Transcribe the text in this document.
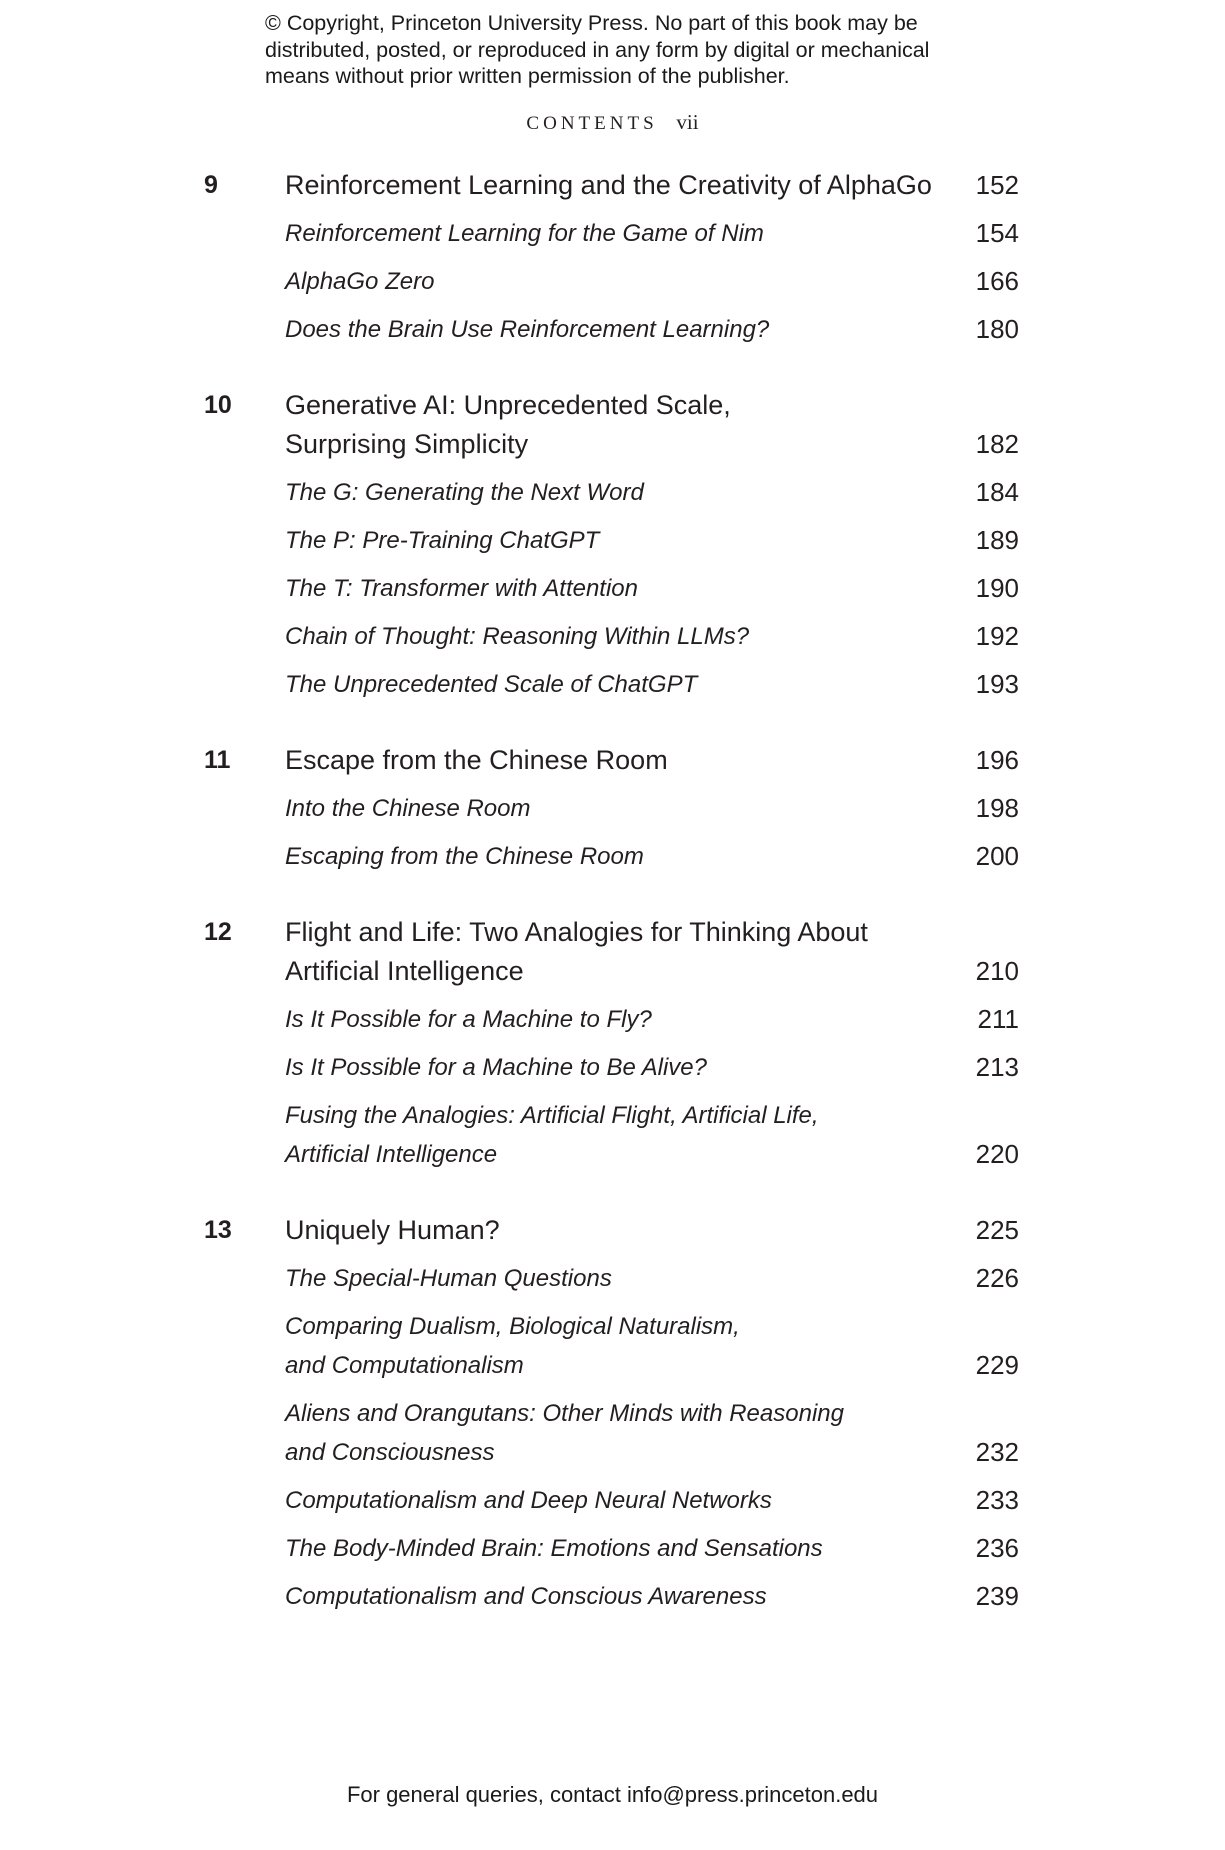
© Copyright, Princeton University Press. No part of this book may be distributed, posted, or reproduced in any form by digital or mechanical means without prior written permission of the publisher.
CONTENTS vii
9 Reinforcement Learning and the Creativity of AlphaGo	152
Reinforcement Learning for the Game of Nim	154
AlphaGo Zero	166
Does the Brain Use Reinforcement Learning?	180
10 Generative AI: Unprecedented Scale,
Surprising Simplicity	182
The G: Generating the Next Word	184
The P: Pre-Training ChatGPT	189
The T: Transformer with Attention	190
Chain of Thought: Reasoning Within LLMs?	192
The Unprecedented Scale of ChatGPT	193
11 Escape from the Chinese Room	196
Into the Chinese Room	198
Escaping from the Chinese Room	200
12 Flight and Life: Two Analogies for Thinking About
Artificial Intelligence	210
Is It Possible for a Machine to Fly?	211
Is It Possible for a Machine to Be Alive?	213
Fusing the Analogies: Artificial Flight, Artificial Life,
Artificial Intelligence	220
13 Uniquely Human?	225
The Special-Human Questions	226
Comparing Dualism, Biological Naturalism,
and Computationalism	229
Aliens and Orangutans: Other Minds with Reasoning
and Consciousness	232
Computationalism and Deep Neural Networks	233
The Body-Minded Brain: Emotions and Sensations	236
Computationalism and Conscious Awareness	239
For general queries, contact info@press.princeton.edu
